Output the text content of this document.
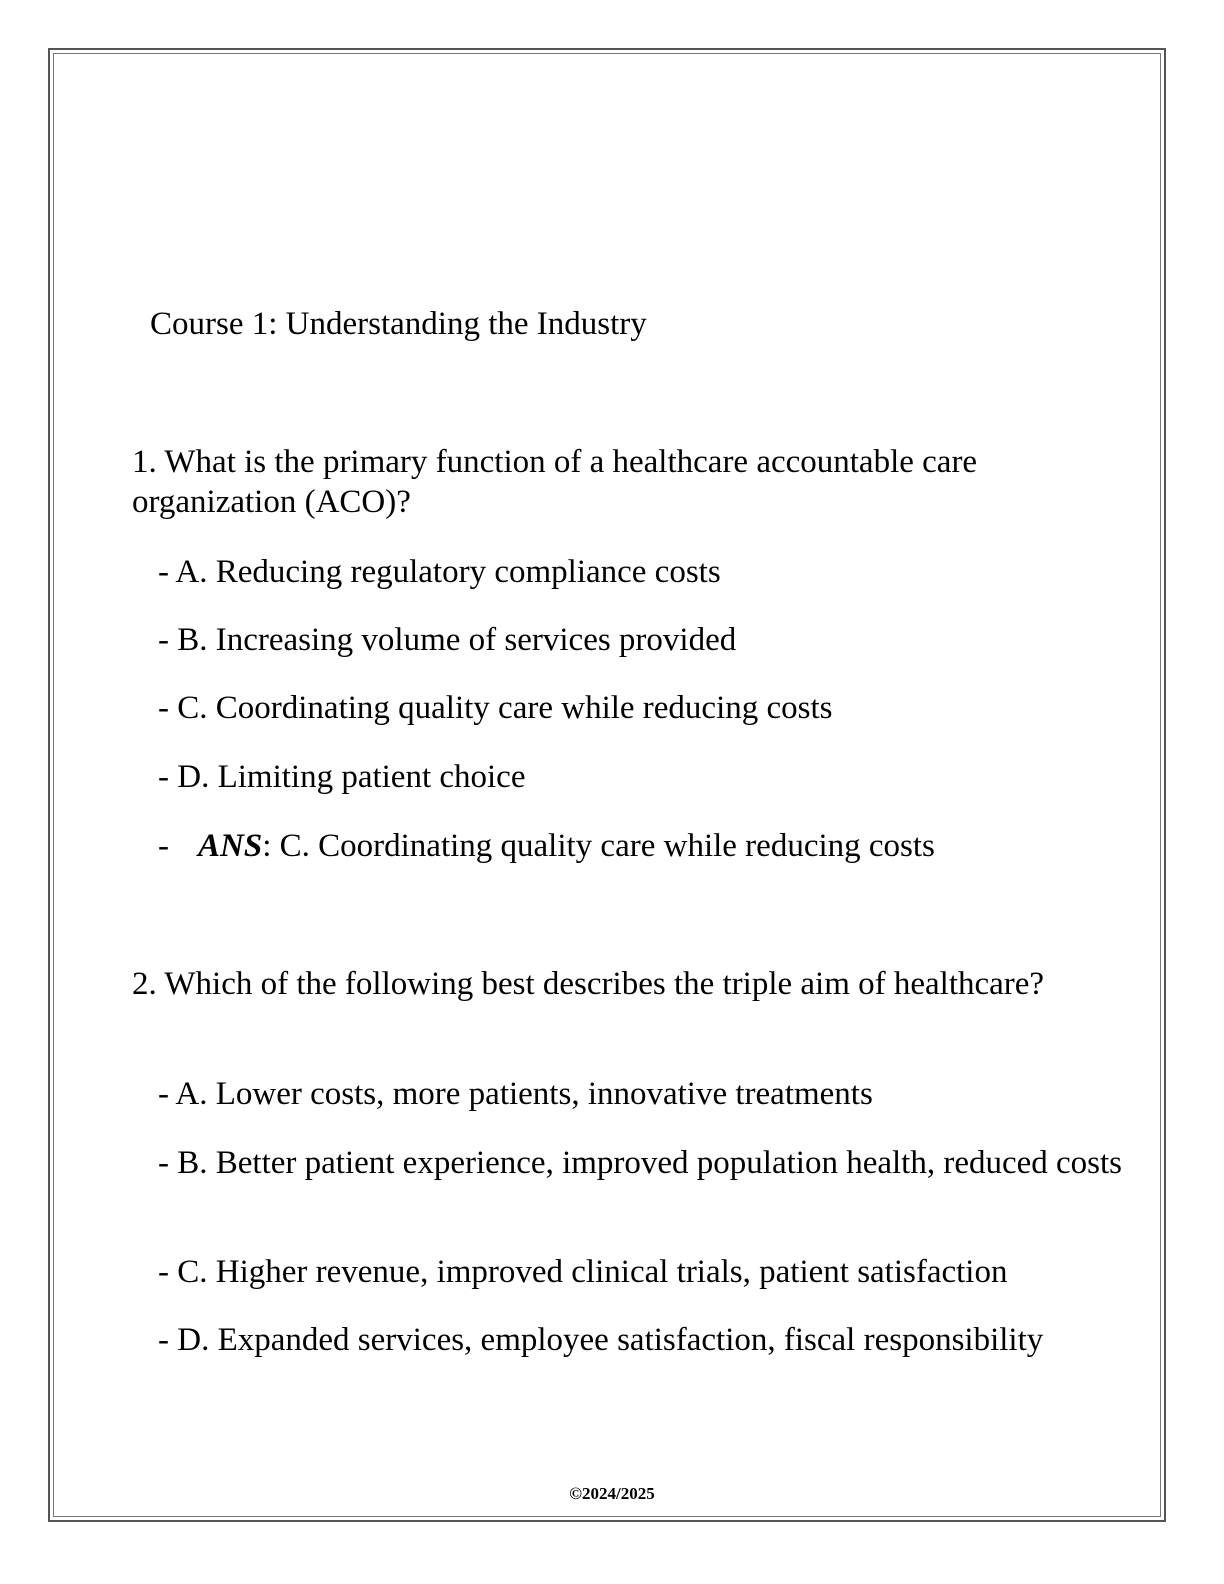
Course 1: Understanding the Industry
1. What is the primary function of a healthcare accountable care organization (ACO)?
- A. Reducing regulatory compliance costs
- B. Increasing volume of services provided
- C. Coordinating quality care while reducing costs
- D. Limiting patient choice
- ANS: C. Coordinating quality care while reducing costs
2. Which of the following best describes the triple aim of healthcare?
- A. Lower costs, more patients, innovative treatments
- B. Better patient experience, improved population health, reduced costs
- C. Higher revenue, improved clinical trials, patient satisfaction
- D. Expanded services, employee satisfaction, fiscal responsibility
©2024/2025
